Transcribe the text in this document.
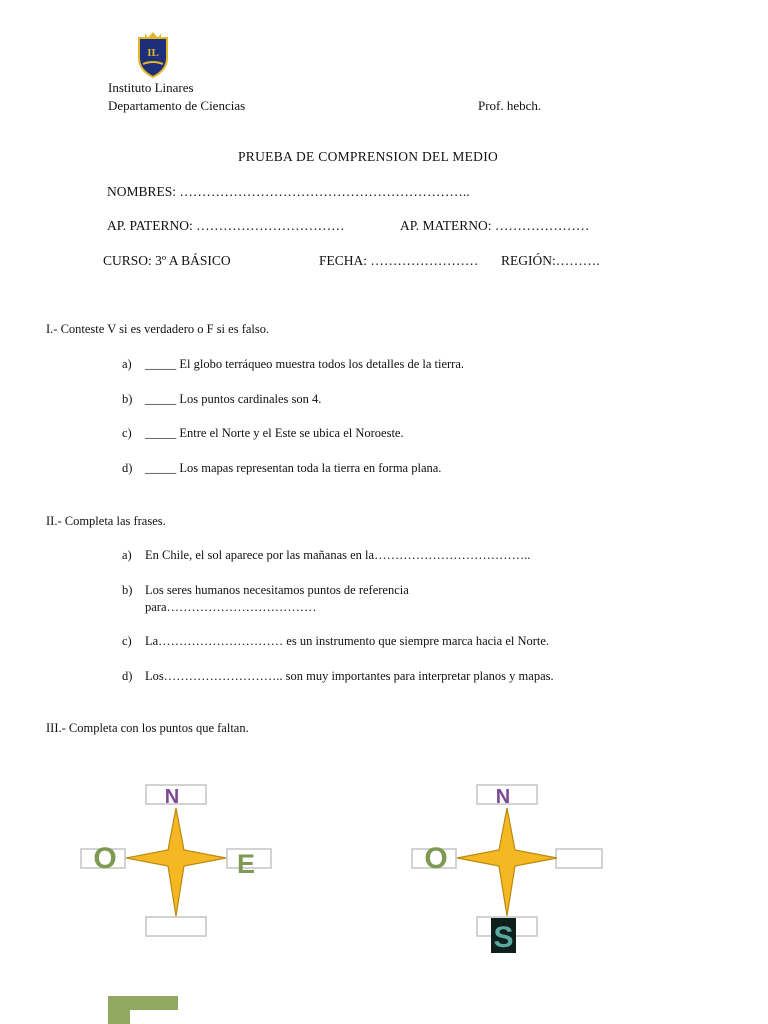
IL
Instituto Linares
Departamento de Ciencias	Prof. hebch.
PRUEBA DE COMPRENSION DEL MEDIO
NOMBRES: ………………………………………………………..
AP. PATERNO: ……………………………	AP. MATERNO: …………………
CURSO: 3º A BÁSICO	FECHA: …………………… REGIÓN:……….
I.- Conteste V si es verdadero o F si es falso.
a) _____ El globo terráqueo muestra todos los detalles de la tierra.
b) _____ Los puntos cardinales son 4.
c) _____ Entre el Norte y el Este se ubica el Noroeste.
d) _____ Los mapas representan toda la tierra en forma plana.
II.- Completa las frases.
a) En Chile, el sol aparece por las mañanas en la………………………………..
b) Los seres humanos necesitamos puntos de referencia
para………………………………
c) La………………………… es un instrumento que siempre marca hacia el Norte.
d) Los……………………….. son muy importantes para interpretar planos y mapas.
III.- Completa con los puntos que faltan.
N
O	E
N
O
S
